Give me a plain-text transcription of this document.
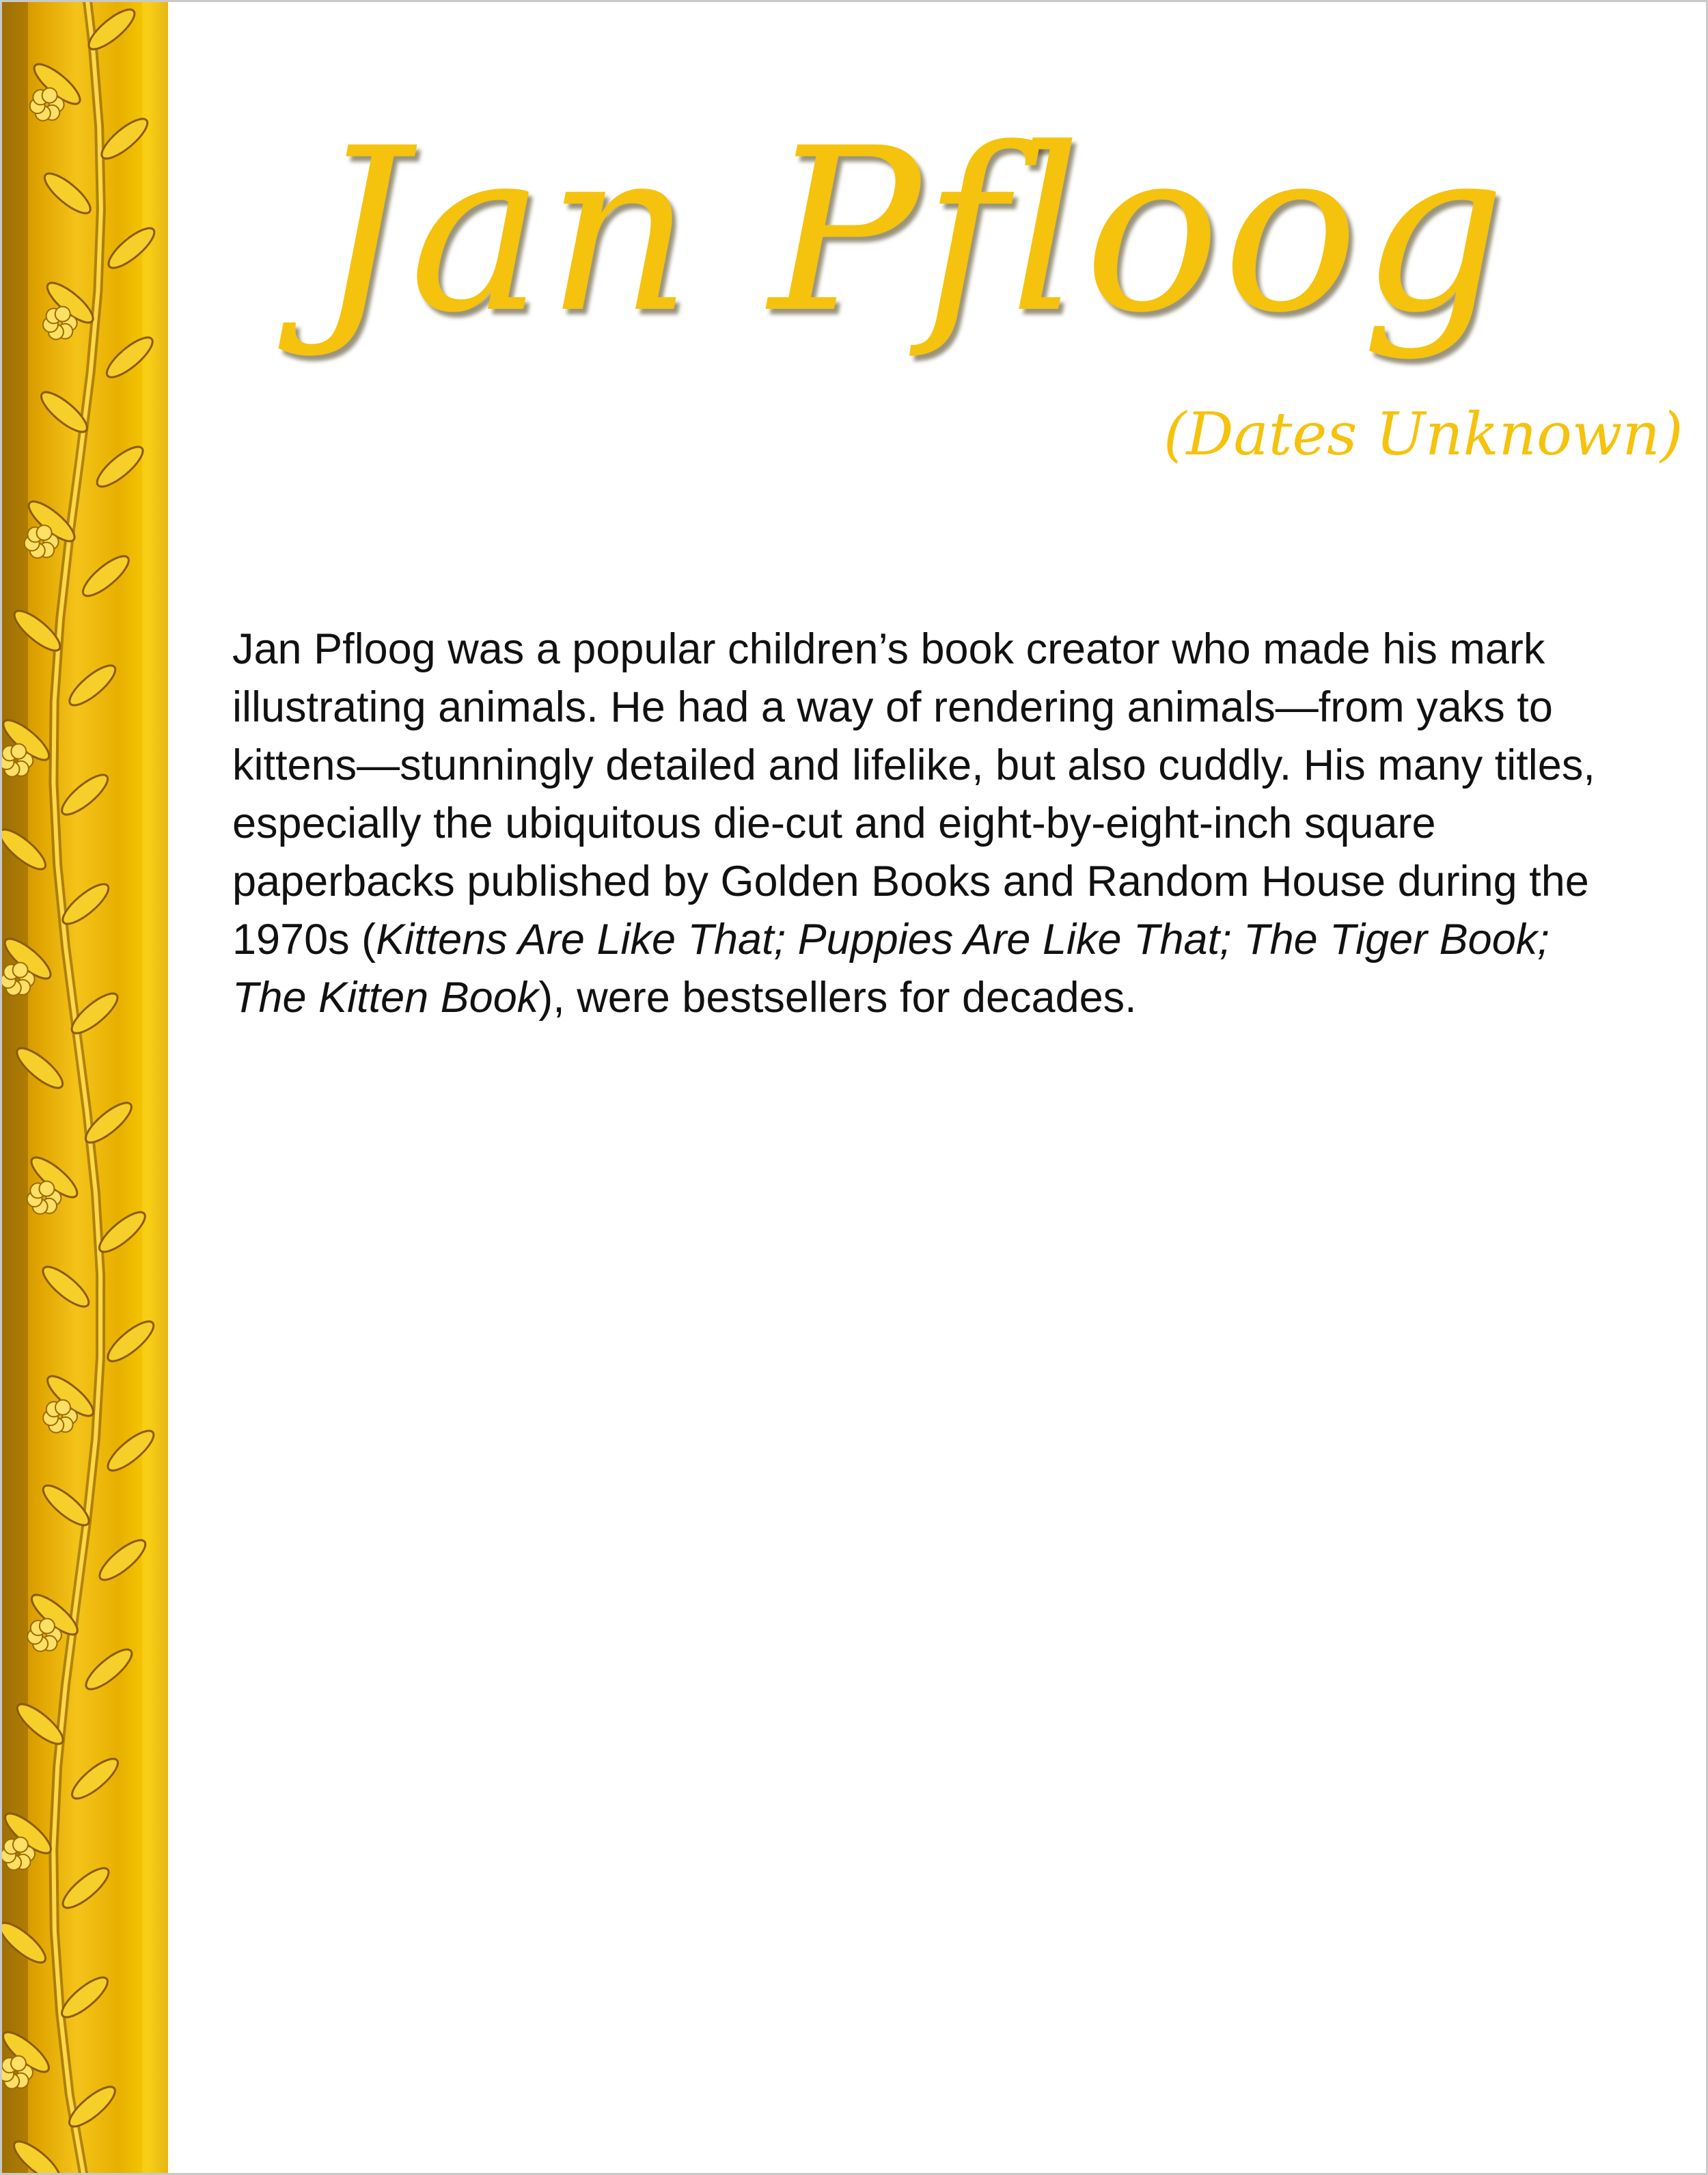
Jan Pfloog

(Dates Unknown)

Jan Pfloog was a popular children’s book creator who made his mark illustrating animals. He had a way of rendering animals—from yaks to kittens—stunningly detailed and lifelike, but also cuddly. His many titles, especially the ubiquitous die-cut and eight-by-eight-inch square paperbacks published by Golden Books and Random House during the 1970s (Kittens Are Like That; Puppies Are Like That; The Tiger Book; The Kitten Book), were bestsellers for decades.
